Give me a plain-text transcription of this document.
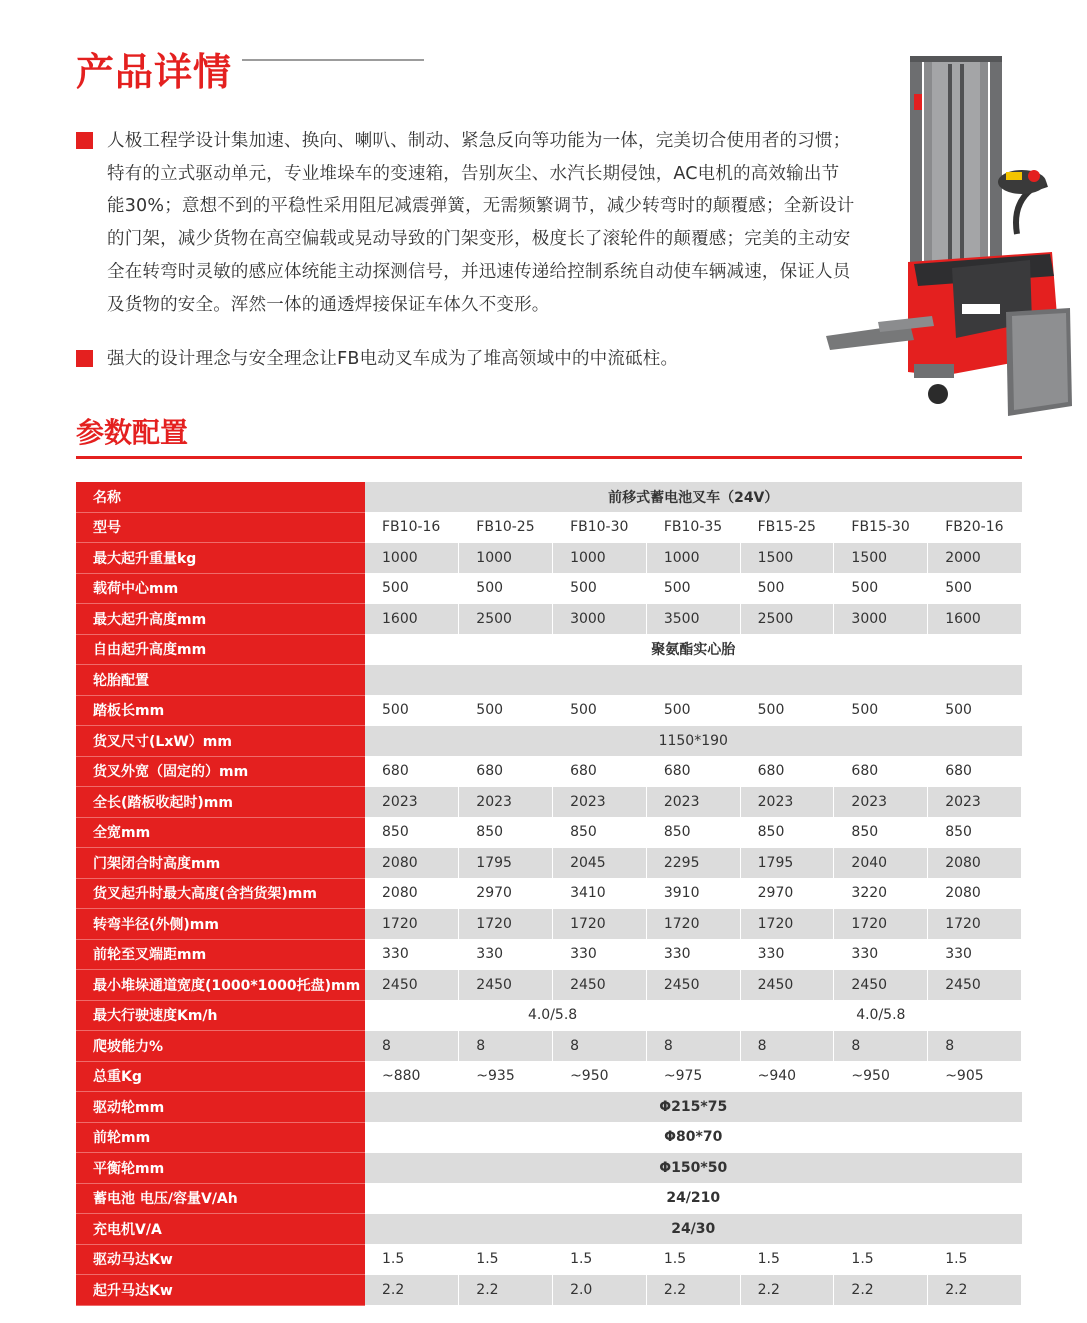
产品详情
人极工程学设计集加速、换向、喇叭、制动、紧急反向等功能为一体，完美切合使用者的习惯；特有的立式驱动单元，专业堆垛车的变速箱，告别灰尘、水汽长期侵蚀，AC电机的高效输出节能30%；意想不到的平稳性采用阻尼减震弹簧，无需频繁调节，减少转弯时的颠覆感；全新设计的门架，减少货物在高空偏载或晃动导致的门架变形，极度长了滚轮件的颠覆感；完美的主动安全在转弯时灵敏的感应体统能主动探测信号，并迅速传递给控制系统自动使车辆减速，保证人员及货物的安全。浑然一体的通透焊接保证车体久不变形。
强大的设计理念与安全理念让FB电动叉车成为了堆高领域中的中流砥柱。
参数配置
名称	前移式蓄电池叉车（24V）						
型号	FB10-16	FB10-25	FB10-30	FB10-35	FB15-25	FB15-30	FB20-16
最大起升重量kg	1000	1000	1000	1000	1500	1500	2000
载荷中心mm	500	500	500	500	500	500	500
最大起升高度mm	1600	2500	3000	3500	2500	3000	1600
自由起升高度mm	聚氨酯实心胎						
轮胎配置							
踏板长mm	500	500	500	500	500	500	500
货叉尺寸(LxW）mm	1150*190						
货叉外宽（固定的）mm	680	680	680	680	680	680	680
全长(踏板收起时)mm	2023	2023	2023	2023	2023	2023	2023
全宽mm	850	850	850	850	850	850	850
门架闭合时高度mm	2080	1795	2045	2295	1795	2040	2080
货叉起升时最大高度(含挡货架)mm	2080	2970	3410	3910	2970	3220	2080
转弯半径(外侧)mm	1720	1720	1720	1720	1720	1720	1720
前轮至叉端距mm	330	330	330	330	330	330	330
最小堆垛通道宽度(1000*1000托盘)mm	2450	2450	2450	2450	2450	2450	2450
最大行驶速度Km/h	4.0/5.8				4.0/5.8		
爬坡能力%	8	8	8	8	8	8	8
总重Kg	~880	~935	~950	~975	~940	~950	~905
驱动轮mm	Φ215*75						
前轮mm	Φ80*70						
平衡轮mm	Φ150*50						
蓄电池 电压/容量V/Ah	24/210						
充电机V/A	24/30						
驱动马达Kw	1.5	1.5	1.5	1.5	1.5	1.5	1.5
起升马达Kw	2.2	2.2	2.0	2.2	2.2	2.2	2.2
